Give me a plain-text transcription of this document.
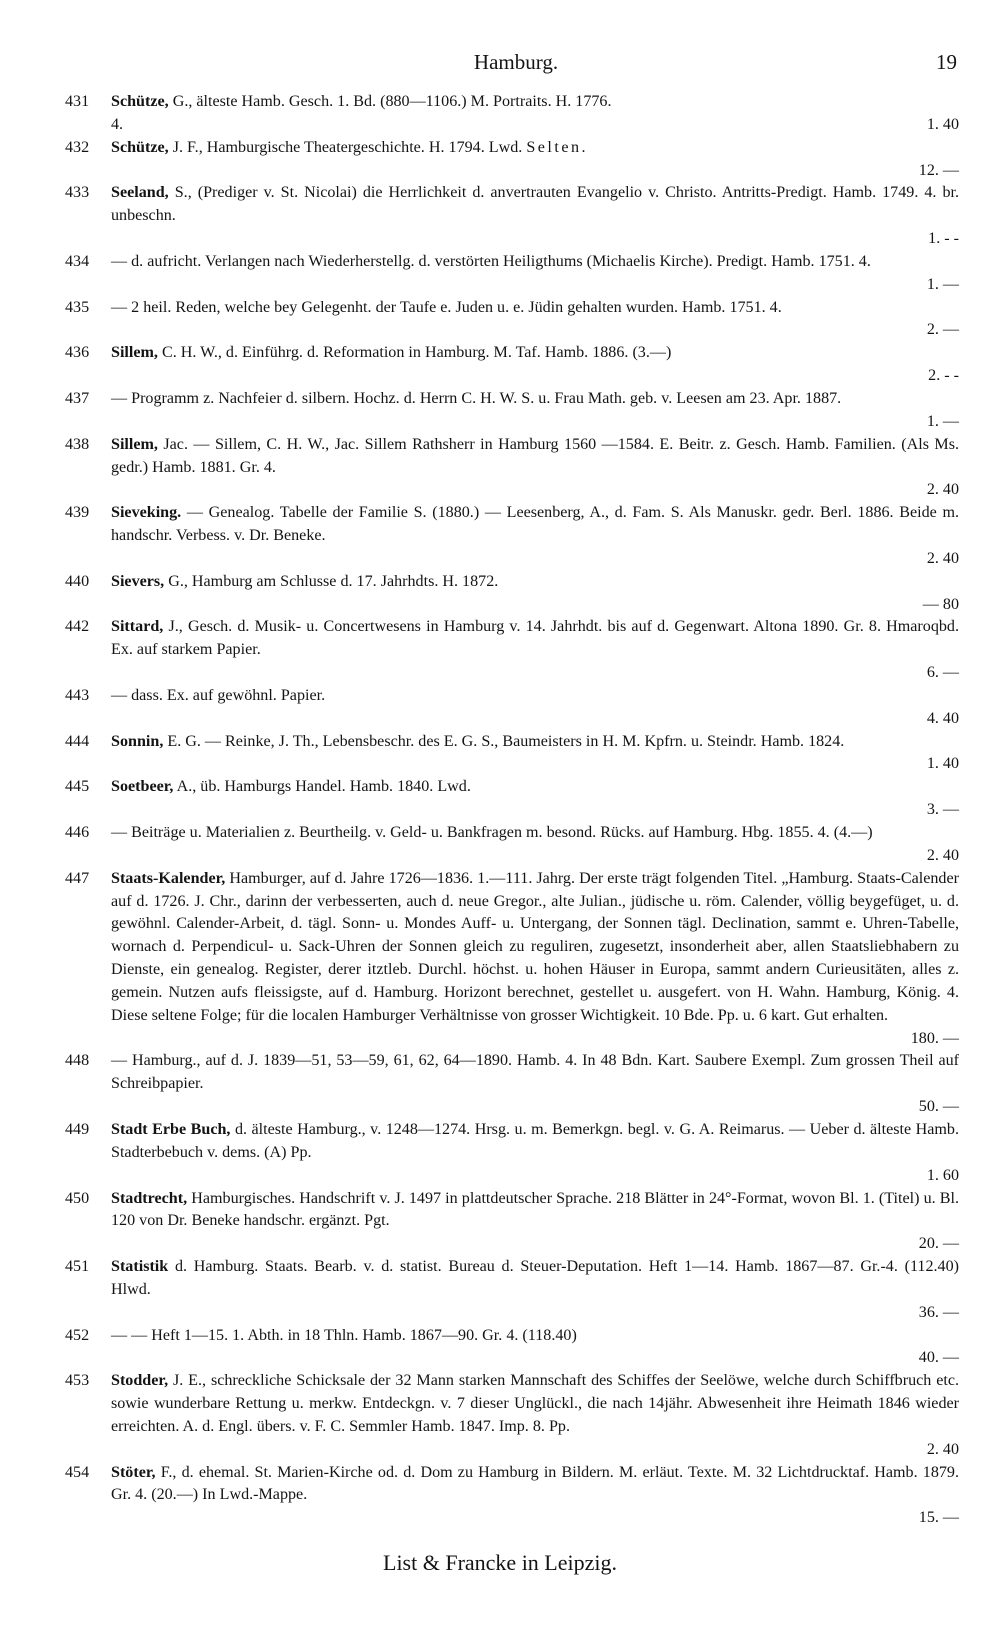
Hamburg.	19
431	Schütze, G., älteste Hamb. Gesch. 1. Bd. (880—1106.) M. Portraits. H. 1776.
4.	1. 40
432	Schütze, J. F., Hamburgische Theatergeschichte. H. 1794. Lwd. Selten.
12. —
433	Seeland, S., (Prediger v. St. Nicolai) die Herrlichkeit d. anvertrauten Evangelio v. Christo. Antritts-Predigt. Hamb. 1749. 4. br. unbeschn.
1. - -
434	— d. aufricht. Verlangen nach Wiederherstellg. d. verstörten Heiligthums (Michaelis Kirche). Predigt. Hamb. 1751. 4.
1. —
435	— 2 heil. Reden, welche bey Gelegenht. der Taufe e. Juden u. e. Jüdin gehalten wurden. Hamb. 1751. 4.
2. —
436	Sillem, C. H. W., d. Einführg. d. Reformation in Hamburg. M. Taf. Hamb. 1886. (3.—)
2. - -
437	— Programm z. Nachfeier d. silbern. Hochz. d. Herrn C. H. W. S. u. Frau Math. geb. v. Leesen am 23. Apr. 1887.
1. —
438	Sillem, Jac. — Sillem, C. H. W., Jac. Sillem Rathsherr in Hamburg 1560 —1584. E. Beitr. z. Gesch. Hamb. Familien. (Als Ms. gedr.) Hamb. 1881. Gr. 4.
2. 40
439	Sieveking. — Genealog. Tabelle der Familie S. (1880.) — Leesenberg, A., d. Fam. S. Als Manuskr. gedr. Berl. 1886. Beide m. handschr. Verbess. v. Dr. Beneke.
2. 40
440	Sievers, G., Hamburg am Schlusse d. 17. Jahrhdts. H. 1872.
— 80
442	Sittard, J., Gesch. d. Musik- u. Concertwesens in Hamburg v. 14. Jahrhdt. bis auf d. Gegenwart. Altona 1890. Gr. 8. Hmaroqbd. Ex. auf starkem Papier.
6. —
443	— dass. Ex. auf gewöhnl. Papier.
4. 40
444	Sonnin, E. G. — Reinke, J. Th., Lebensbeschr. des E. G. S., Baumeisters in H. M. Kpfrn. u. Steindr. Hamb. 1824.
1. 40
445	Soetbeer, A., üb. Hamburgs Handel. Hamb. 1840. Lwd.
3. —
446	— Beiträge u. Materialien z. Beurtheilg. v. Geld- u. Bankfragen m. besond. Rücks. auf Hamburg. Hbg. 1855. 4. (4.—)
2. 40
447	Staats-Kalender, Hamburger, auf d. Jahre 1726—1836. 1.—111. Jahrg. Der erste trägt folgenden Titel. „Hamburg. Staats-Calender auf d. 1726. J. Chr., darinn der verbesserten, auch d. neue Gregor., alte Julian., jüdische u. röm. Calender, völlig beygefüget, u. d. gewöhnl. Calender-Arbeit, d. tägl. Sonn- u. Mondes Auff- u. Untergang, der Sonnen tägl. Declination, sammt e. Uhren-Tabelle, wornach d. Perpendicul- u. Sack-Uhren der Sonnen gleich zu reguliren, zugesetzt, insonderheit aber, allen Staatsliebhabern zu Dienste, ein genealog. Register, derer itztleb. Durchl. höchst. u. hohen Häuser in Europa, sammt andern Curieusitäten, alles z. gemein. Nutzen aufs fleissigste, auf d. Hamburg. Horizont berechnet, gestellet u. ausgefert. von H. Wahn. Hamburg, König. 4. Diese seltene Folge; für die localen Hamburger Verhältnisse von grosser Wichtigkeit. 10 Bde. Pp. u. 6 kart. Gut erhalten.
180. —
448	— Hamburg., auf d. J. 1839—51, 53—59, 61, 62, 64—1890. Hamb. 4. In 48 Bdn. Kart. Saubere Exempl. Zum grossen Theil auf Schreibpapier.
50. —
449	Stadt Erbe Buch, d. älteste Hamburg., v. 1248—1274. Hrsg. u. m. Bemerkgn. begl. v. G. A. Reimarus. — Ueber d. älteste Hamb. Stadterbebuch v. dems. (A) Pp.
1. 60
450	Stadtrecht, Hamburgisches. Handschrift v. J. 1497 in plattdeutscher Sprache. 218 Blätter in 24°-Format, wovon Bl. 1. (Titel) u. Bl. 120 von Dr. Beneke handschr. ergänzt. Pgt.
20. —
451	Statistik d. Hamburg. Staats. Bearb. v. d. statist. Bureau d. Steuer-Deputation. Heft 1—14. Hamb. 1867—87. Gr.-4. (112.40) Hlwd.
36. —
452	— — Heft 1—15. 1. Abth. in 18 Thln. Hamb. 1867—90. Gr. 4. (118.40)
40. —
453	Stodder, J. E., schreckliche Schicksale der 32 Mann starken Mannschaft des Schiffes der Seelöwe, welche durch Schiffbruch etc. sowie wunderbare Rettung u. merkw. Entdeckgn. v. 7 dieser Unglückl., die nach 14jähr. Abwesenheit ihre Heimath 1846 wieder erreichten. A. d. Engl. übers. v. F. C. Semmler Hamb. 1847. Imp. 8. Pp.
2. 40
454	Stöter, F., d. ehemal. St. Marien-Kirche od. d. Dom zu Hamburg in Bildern. M. erläut. Texte. M. 32 Lichtdrucktaf. Hamb. 1879. Gr. 4. (20.—) In Lwd.-Mappe.
15. —
List & Francke in Leipzig.
